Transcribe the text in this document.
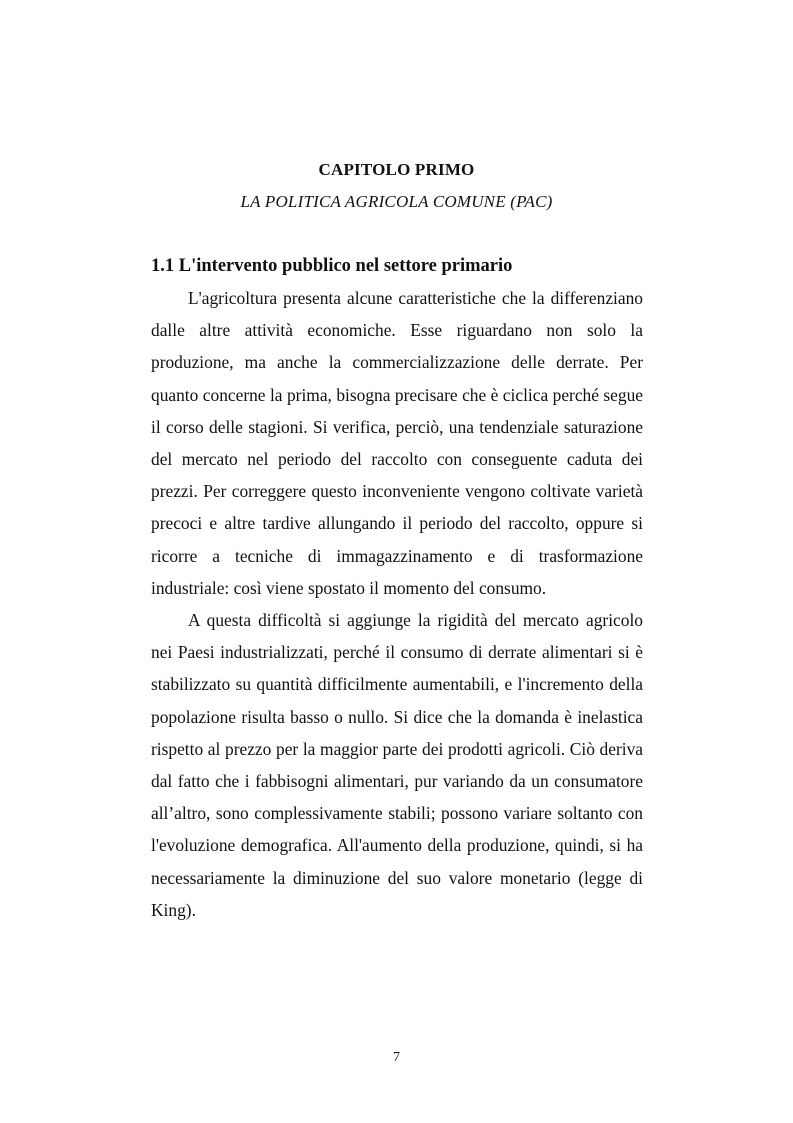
CAPITOLO PRIMO
LA POLITICA AGRICOLA COMUNE (PAC)
1.1 L'intervento pubblico nel settore primario

L'agricoltura presenta alcune caratteristiche che la differenziano dalle altre attività economiche. Esse riguardano non solo la produzione, ma anche la commercializzazione delle derrate. Per quanto concerne la prima, bisogna precisare che è ciclica perché segue il corso delle stagioni. Si verifica, perciò, una tendenziale saturazione del mercato nel periodo del raccolto con conseguente caduta dei prezzi. Per correggere questo inconveniente vengono coltivate varietà precoci e altre tardive allungando il periodo del raccolto, oppure si ricorre a tecniche di immagazzinamento e di trasformazione industriale: così viene spostato il momento del consumo.

A questa difficoltà si aggiunge la rigidità del mercato agricolo nei Paesi industrializzati, perché il consumo di derrate alimentari si è stabilizzato su quantità difficilmente aumentabili, e l'incremento della popolazione risulta basso o nullo. Si dice che la domanda è inelastica rispetto al prezzo per la maggior parte dei prodotti agricoli. Ciò deriva dal fatto che i fabbisogni alimentari, pur variando da un consumatore all’altro, sono complessivamente stabili; possono variare soltanto con l'evoluzione demografica. All'aumento della produzione, quindi, si ha necessariamente la diminuzione del suo valore monetario (legge di King).

7
